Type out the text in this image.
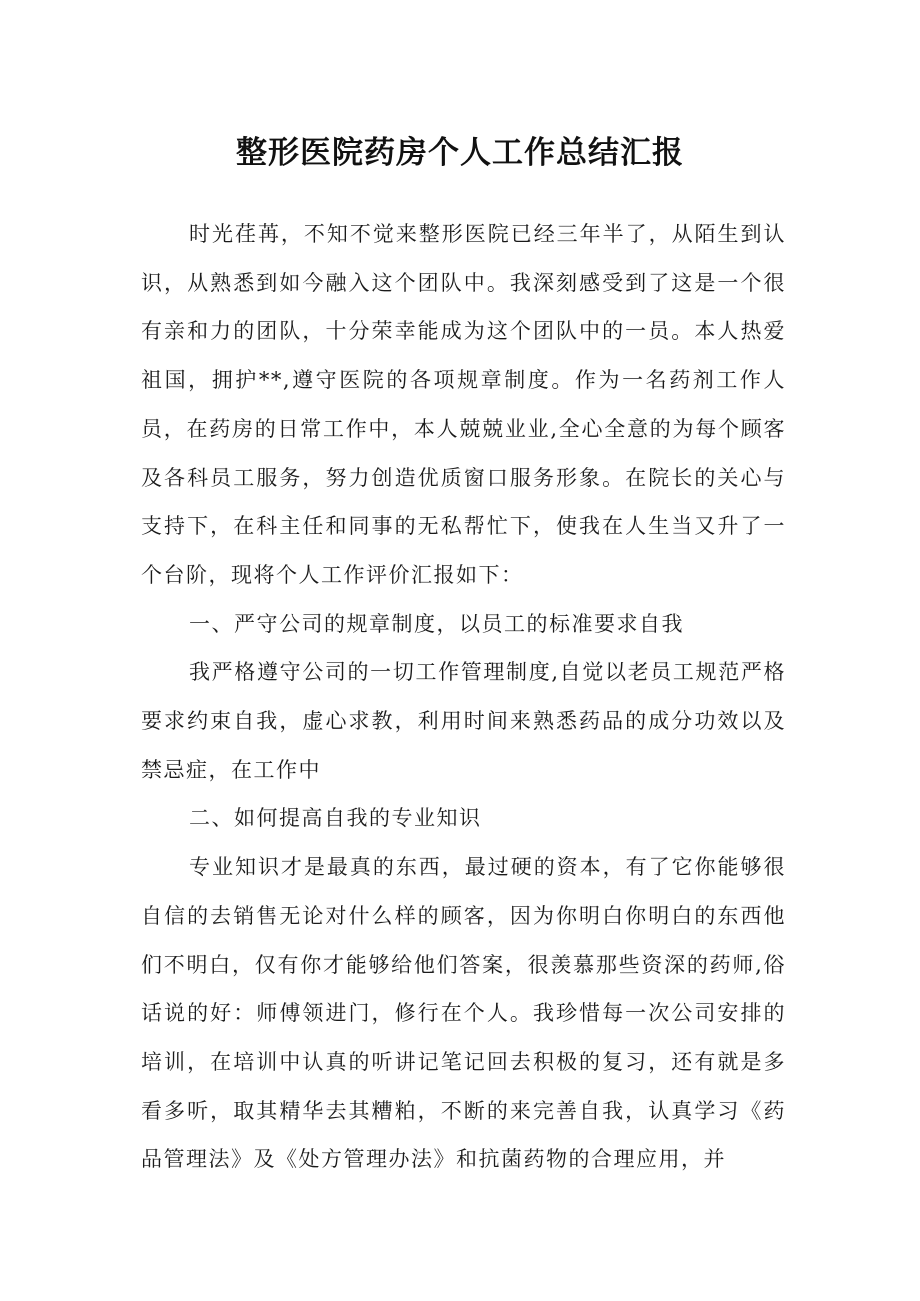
整形医院药房个人工作总结汇报

时光荏苒，不知不觉来整形医院已经三年半了，从陌生到认识，从熟悉到如今融入这个团队中。我深刻感受到了这是一个很有亲和力的团队，十分荣幸能成为这个团队中的一员。本人热爱祖国，拥护**,遵守医院的各项规章制度。作为一名药剂工作人员，在药房的日常工作中，本人兢兢业业,全心全意的为每个顾客及各科员工服务，努力创造优质窗口服务形象。在院长的关心与支持下，在科主任和同事的无私帮忙下，使我在人生当又升了一个台阶，现将个人工作评价汇报如下：

一、严守公司的规章制度，以员工的标准要求自我

我严格遵守公司的一切工作管理制度,自觉以老员工规范严格要求约束自我，虚心求教，利用时间来熟悉药品的成分功效以及禁忌症，在工作中

二、如何提高自我的专业知识

专业知识才是最真的东西，最过硬的资本，有了它你能够很自信的去销售无论对什么样的顾客，因为你明白你明白的东西他们不明白，仅有你才能够给他们答案，很羡慕那些资深的药师,俗话说的好：师傅领进门，修行在个人。我珍惜每一次公司安排的培训，在培训中认真的听讲记笔记回去积极的复习，还有就是多看多听，取其精华去其糟粕，不断的来完善自我，认真学习《药品管理法》及《处方管理办法》和抗菌药物的合理应用，并
